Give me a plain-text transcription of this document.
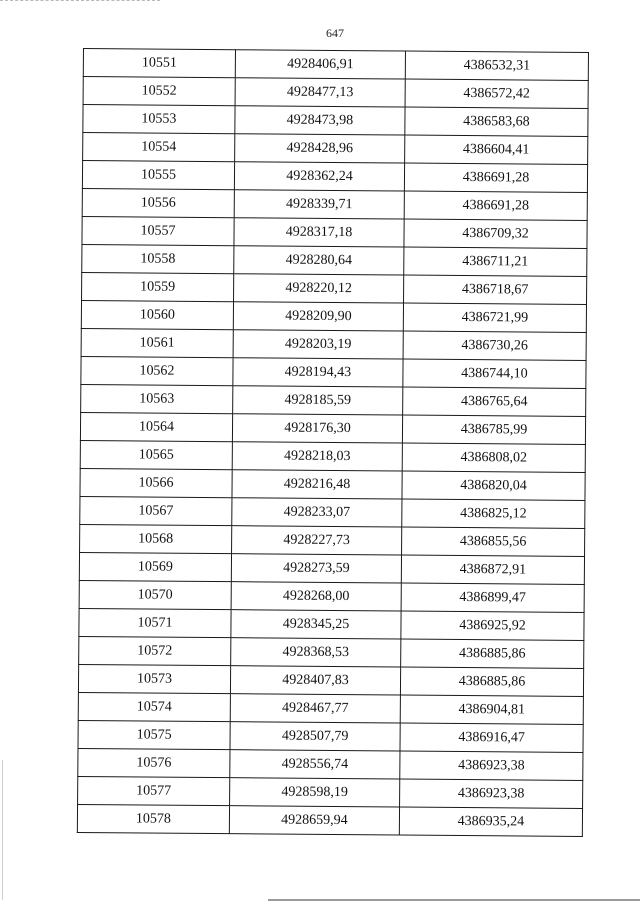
647
10551	4928406,91	4386532,31
10552	4928477,13	4386572,42
10553	4928473,98	4386583,68
10554	4928428,96	4386604,41
10555	4928362,24	4386691,28
10556	4928339,71	4386691,28
10557	4928317,18	4386709,32
10558	4928280,64	4386711,21
10559	4928220,12	4386718,67
10560	4928209,90	4386721,99
10561	4928203,19	4386730,26
10562	4928194,43	4386744,10
10563	4928185,59	4386765,64
10564	4928176,30	4386785,99
10565	4928218,03	4386808,02
10566	4928216,48	4386820,04
10567	4928233,07	4386825,12
10568	4928227,73	4386855,56
10569	4928273,59	4386872,91
10570	4928268,00	4386899,47
10571	4928345,25	4386925,92
10572	4928368,53	4386885,86
10573	4928407,83	4386885,86
10574	4928467,77	4386904,81
10575	4928507,79	4386916,47
10576	4928556,74	4386923,38
10577	4928598,19	4386923,38
10578	4928659,94	4386935,24
